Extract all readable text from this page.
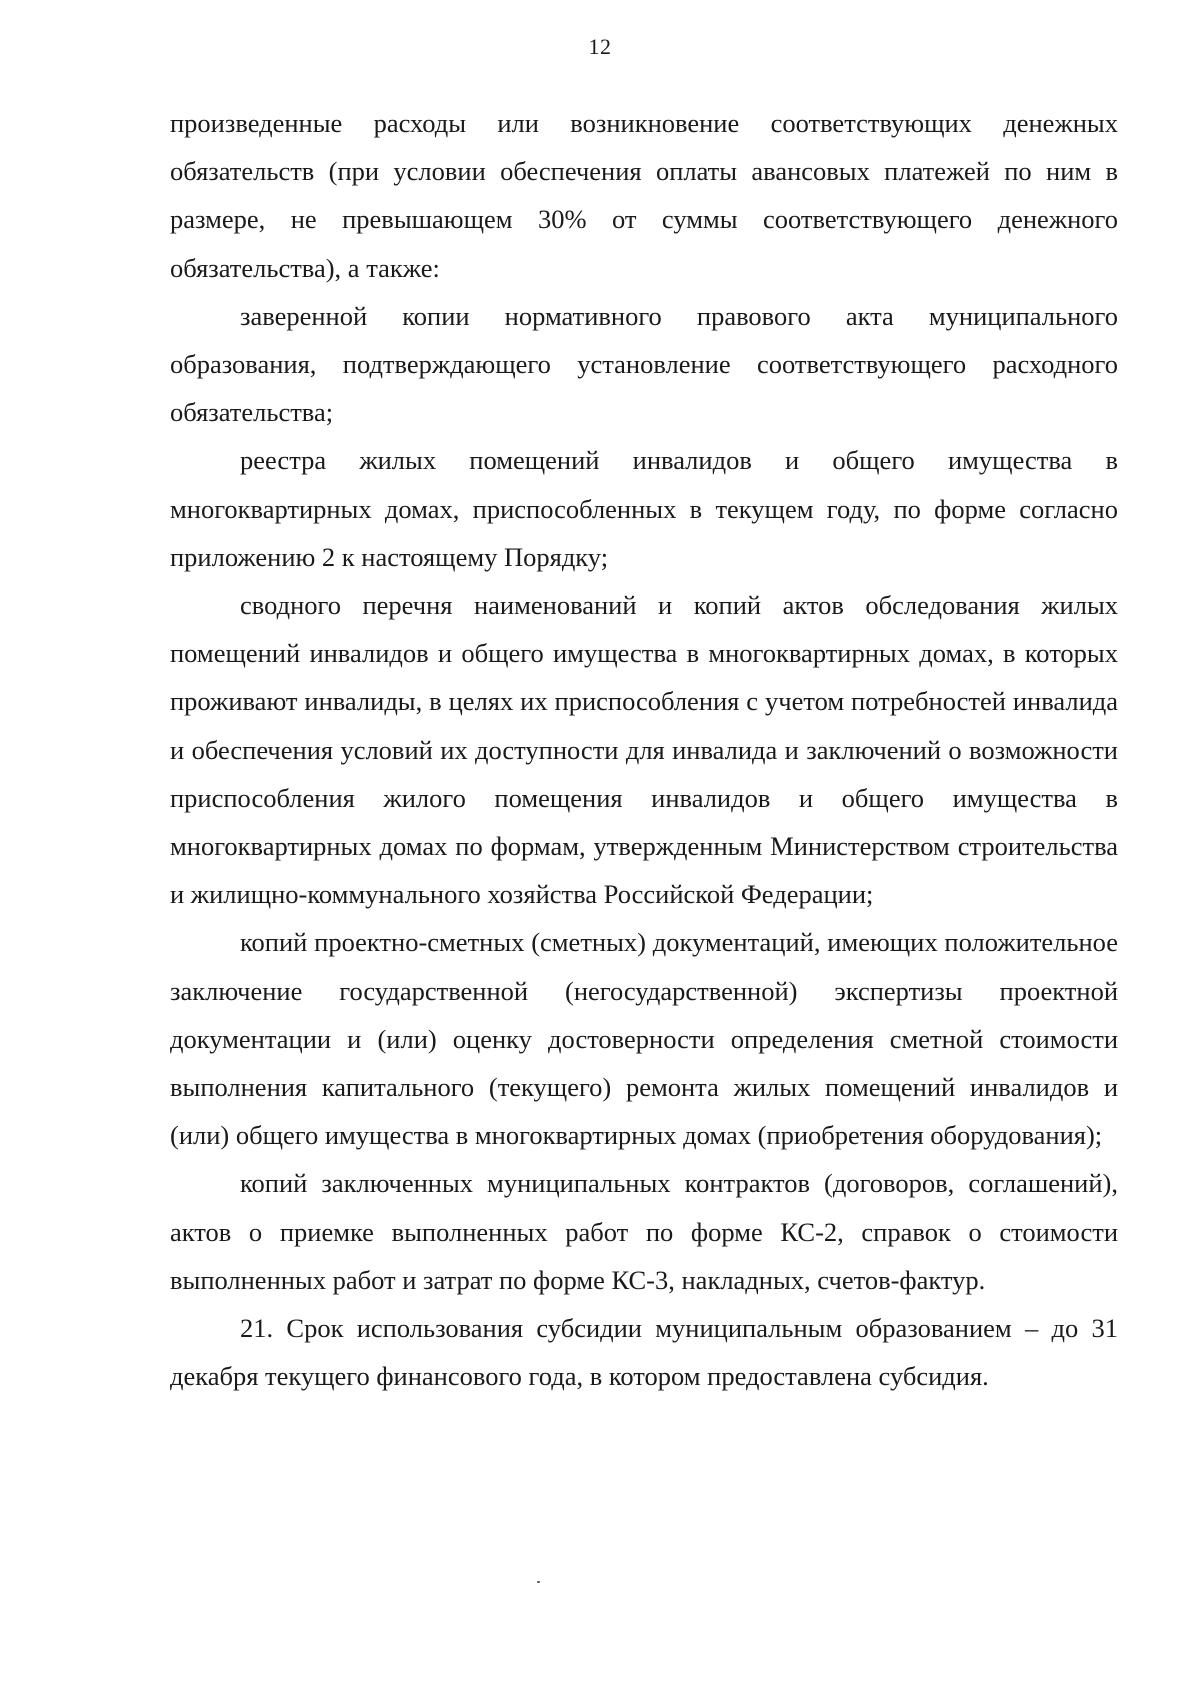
12

произведенные расходы или возникновение соответствующих денежных обязательств (при условии обеспечения оплаты авансовых платежей по ним в размере, не превышающем 30% от суммы соответствующего денежного обязательства), а также:

заверенной копии нормативного правового акта муниципального образования, подтверждающего установление соответствующего расходного обязательства;

реестра жилых помещений инвалидов и общего имущества в многоквартирных домах, приспособленных в текущем году, по форме согласно приложению 2 к настоящему Порядку;

сводного перечня наименований и копий актов обследования жилых помещений инвалидов и общего имущества в многоквартирных домах, в которых проживают инвалиды, в целях их приспособления с учетом потребностей инвалида и обеспечения условий их доступности для инвалида и заключений о возможности приспособления жилого помещения инвалидов и общего имущества в многоквартирных домах по формам, утвержденным Министерством строительства и жилищно-коммунального хозяйства Российской Федерации;

копий проектно-сметных (сметных) документаций, имеющих положительное заключение государственной (негосударственной) экспертизы проектной документации и (или) оценку достоверности определения сметной стоимости выполнения капитального (текущего) ремонта жилых помещений инвалидов и (или) общего имущества в многоквартирных домах (приобретения оборудования);

копий заключенных муниципальных контрактов (договоров, соглашений), актов о приемке выполненных работ по форме КС-2, справок о стоимости выполненных работ и затрат по форме КС-3, накладных, счетов-фактур.

21. Срок использования субсидии муниципальным образованием – до 31 декабря текущего финансового года, в котором предоставлена субсидия.
